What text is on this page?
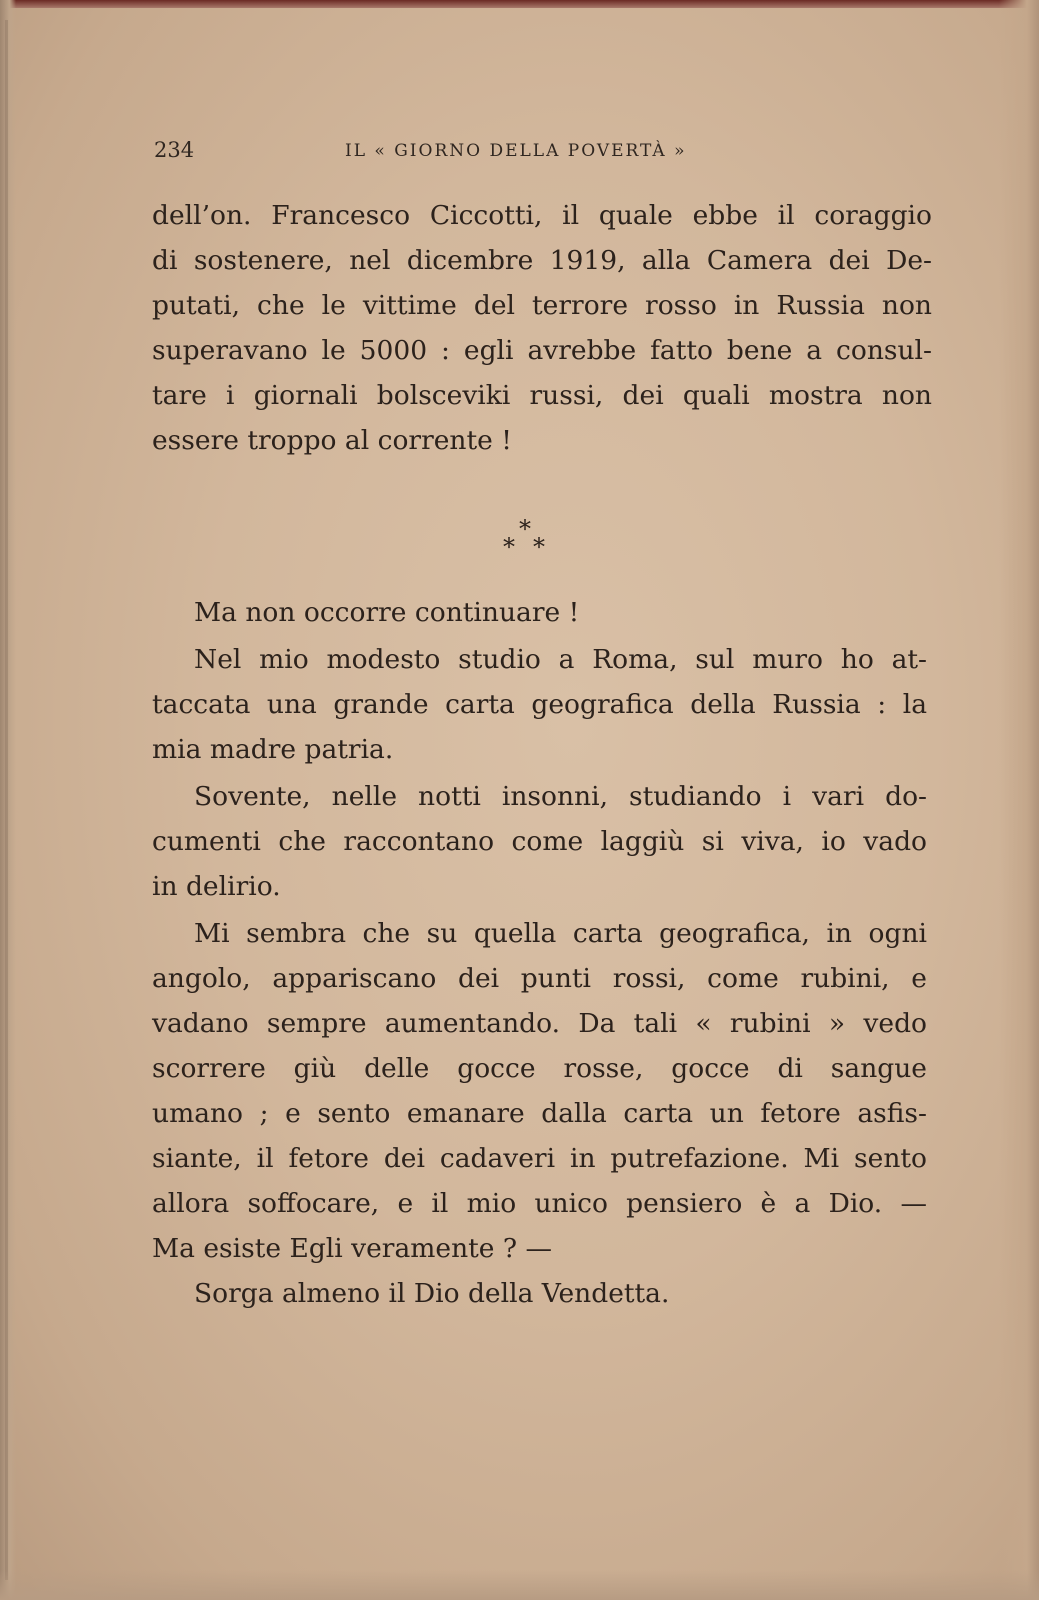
234	IL « GIORNO DELLA POVERTÀ »
dell’on. Francesco Ciccotti, il quale ebbe il coraggio
di sostenere, nel dicembre 1919, alla Camera dei De-
putati, che le vittime del terrore rosso in Russia non
superavano le 5000 : egli avrebbe fatto bene a consul-
tare i giornali bolsceviki russi, dei quali mostra non
essere troppo al corrente !
*
* *
Ma non occorre continuare !
Nel mio modesto studio a Roma, sul muro ho at-
taccata una grande carta geografica della Russia : la
mia madre patria.
Sovente, nelle notti insonni, studiando i vari do-
cumenti che raccontano come laggiù si viva, io vado
in delirio.
Mi sembra che su quella carta geografica, in ogni
angolo, appariscano dei punti rossi, come rubini, e
vadano sempre aumentando. Da tali « rubini » vedo
scorrere giù delle gocce rosse, gocce di sangue
umano ; e sento emanare dalla carta un fetore asfis-
siante, il fetore dei cadaveri in putrefazione. Mi sento
allora soffocare, e il mio unico pensiero è a Dio. —
Ma esiste Egli veramente ? —
Sorga almeno il Dio della Vendetta.
